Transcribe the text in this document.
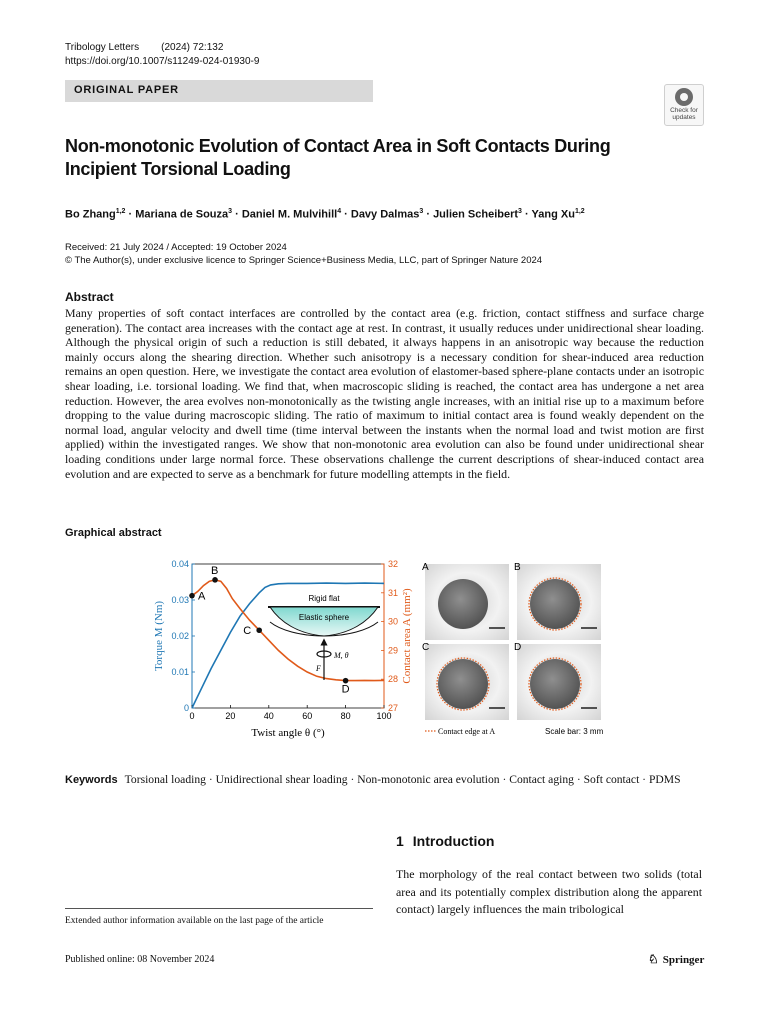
Tribology Letters (2024) 72:132
https://doi.org/10.1007/s11249-024-01930-9
ORIGINAL PAPER
Check for
updates
Non-monotonic Evolution of Contact Area in Soft Contacts During Incipient Torsional Loading
Bo Zhang$^{1,2}$ · Mariana de Souza$^3$ · Daniel M. Mulvihill$^4$ · Davy Dalmas$^3$ · Julien Scheibert$^3$ · Yang Xu$^{1,2}$
Received: 21 July 2024 / Accepted: 19 October 2024
© The Author(s), under exclusive licence to Springer Science+Business Media, LLC, part of Springer Nature 2024
Abstract
Many properties of soft contact interfaces are controlled by the contact area (e.g. friction, contact stiffness and surface charge generation). The contact area increases with the contact age at rest. In contrast, it usually reduces under unidirectional shear loading. Although the physical origin of such a reduction is still debated, it always happens in an anisotropic way because the reduction mainly occurs along the shearing direction. Whether such anisotropy is a necessary condition for shear-induced area reduction remains an open question. Here, we investigate the contact area evolution of elastomer-based sphere-plane contacts under an isotropic shear loading, i.e. torsional loading. We find that, when macroscopic sliding is reached, the contact area has undergone a net area reduction. However, the area evolves non-monotonically as the twisting angle increases, with an initial rise up to a maximum before dropping to the value during macroscopic sliding. The ratio of maximum to initial contact area is found weakly dependent on the normal load, angular velocity and dwell time (time interval between the instants when the normal load and twist motion are first applied) within the investigated ranges. We show that non-monotonic area evolution can also be found under unidirectional shear loading conditions under large normal force. These observations challenge the current descriptions of shear-induced contact area evolution and are expected to serve as a benchmark for future modelling attempts in the field.
Graphical abstract
0	20	40	60	80	100
0
0.01
0.02
0.03
0.04
27
28
29
30
31
32
Twist angle θ (°)
Torque M (Nm)	Contact area A (mm²)
A
B
C
D
Rigid flat
Elastic sphere
M, θ
F
A	B
C	D
Contact edge at A	Scale bar: 3 mm
Keywords Torsional loading · Unidirectional shear loading · Non-monotonic area evolution · Contact aging · Soft contact · PDMS
1 Introduction
The morphology of the real contact between two solids (total area and its potentially complex distribution along the apparent contact) largely influences the main tribological
Extended author information available on the last page of the article
Published online: 08 November 2024	♘ Springer
